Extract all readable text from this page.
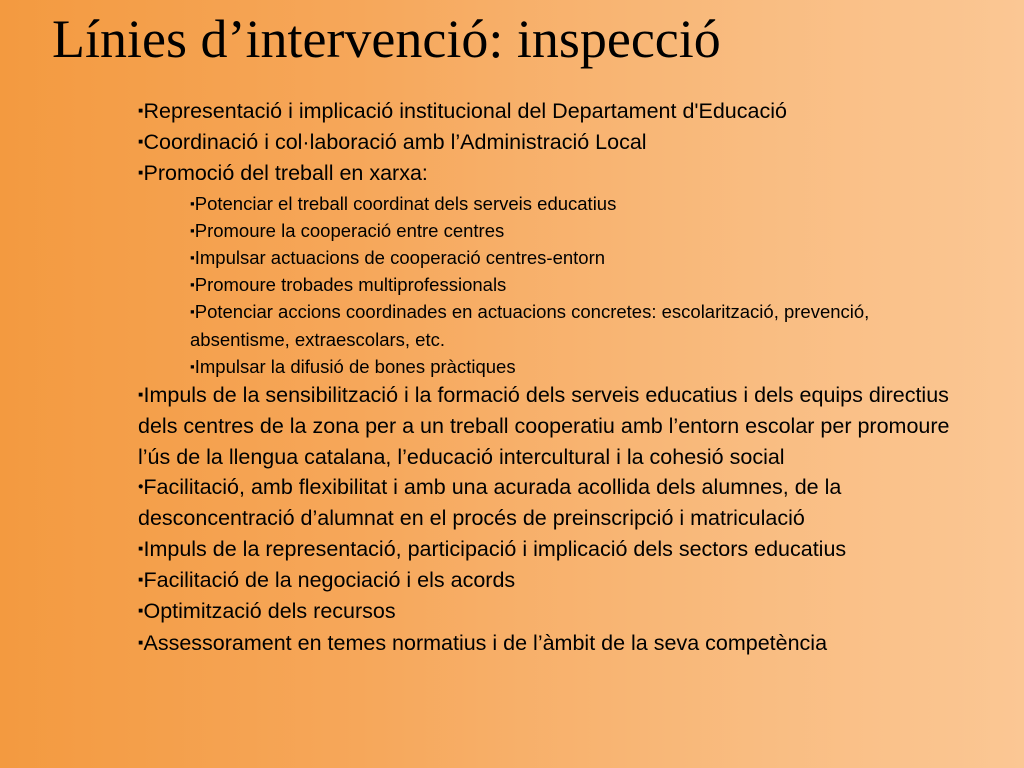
Línies d’intervenció: inspecció

▪Representació i implicació institucional del Departament d'Educació

▪Coordinació i col·laboració amb l’Administració Local

▪Promoció del treball en xarxa:

▪Potenciar el treball coordinat dels serveis educatius

▪Promoure la cooperació entre centres

▪Impulsar actuacions de cooperació centres-entorn

▪Promoure trobades multiprofessionals

▪Potenciar accions coordinades en actuacions concretes: escolarització, prevenció, absentisme, extraescolars, etc.

▪Impulsar la difusió de bones pràctiques

▪Impuls de la sensibilització i la formació dels serveis educatius i dels equips directius dels centres de la zona per a un treball cooperatiu amb l’entorn escolar per promoure l’ús de la llengua catalana, l’educació intercultural i la cohesió social

•Facilitació, amb flexibilitat i amb una acurada acollida dels alumnes, de la desconcentració d’alumnat en el procés de preinscripció i matriculació

▪Impuls de la representació, participació i implicació dels sectors educatius

▪Facilitació de la negociació i els acords

▪Optimització dels recursos

▪Assessorament en temes normatius i de l’àmbit de la seva competència
